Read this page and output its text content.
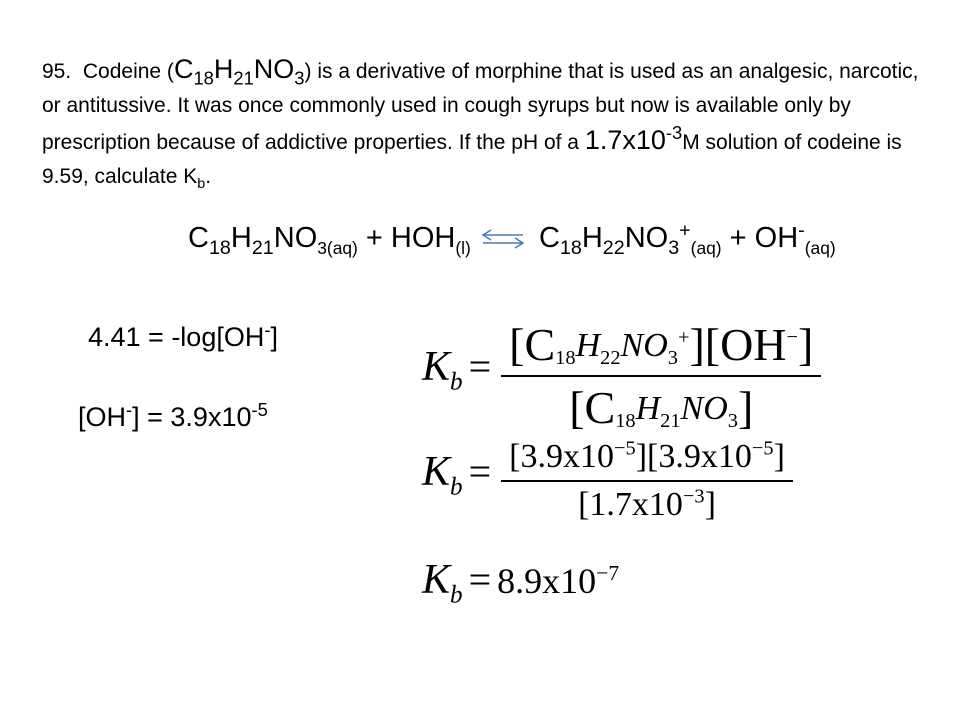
95. Codeine $(C_{18}H_{21}NO_3)$ is a derivative of morphine that is used as an analgesic, narcotic, or antitussive. It was once commonly used in cough syrups but now is available only by prescription because of addictive properties. If the pH of a $1.7x10^{-3}M$ solution of codeine is 9.59, calculate $K_b$.
$C_{18}H_{21}NO_{3(aq)} + HOH_{(l)}$ ⇌ $C_{18}H_{22}NO_3^+_{(aq)} + OH^-_{(aq)}$
4.41 = -log[OH-]
$[OH^-] = 3.9x10^{-5}$
$K_b = \frac{[C_{18}H_{22}NO_3^+][OH^-]}{[C_{18}H_{21}NO_3]}$
$K_b = \frac{[3.9x10^{-5}][3.9x10^{-5}]}{[1.7x10^{-3}]}$
$K_b = 8.9x10^{-7}$
